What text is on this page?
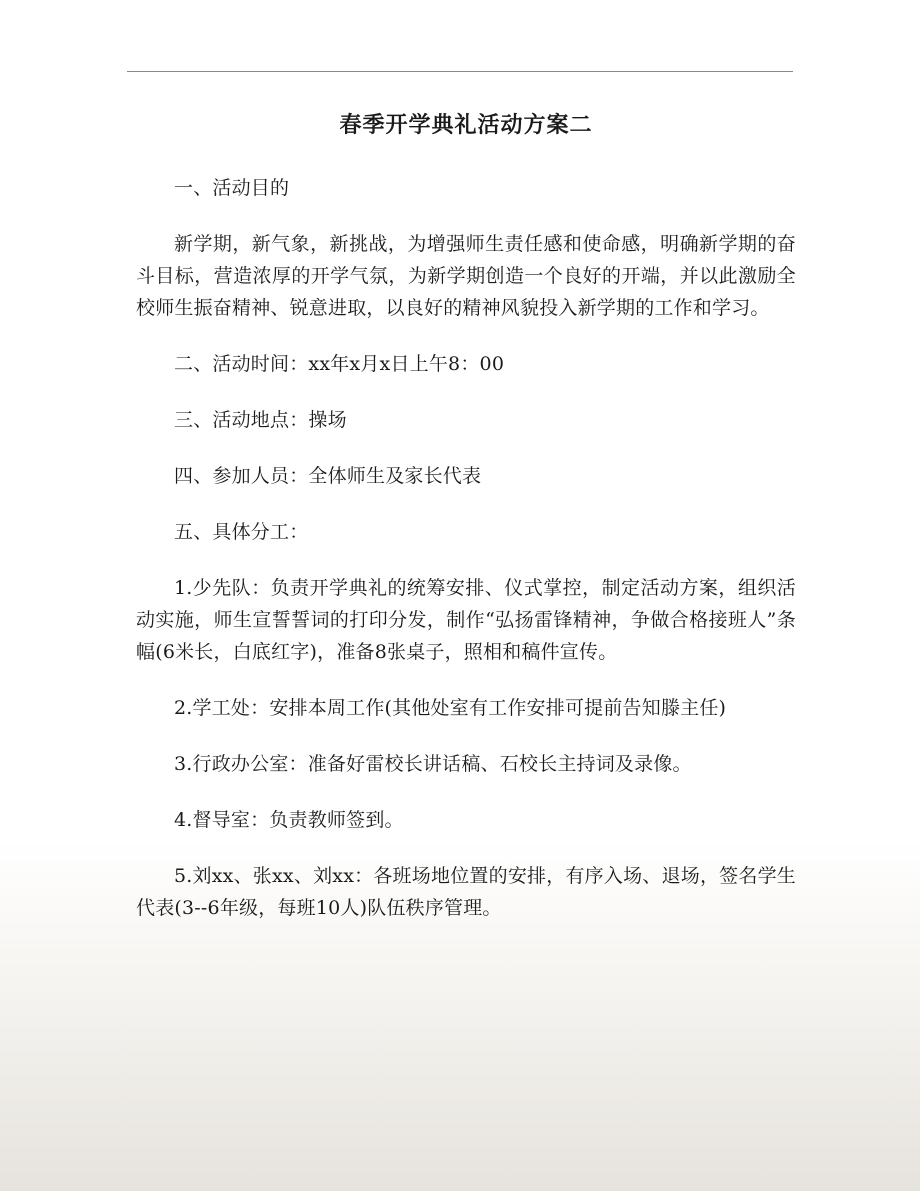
春季开学典礼活动方案二

一、活动目的

新学期，新气象，新挑战，为增强师生责任感和使命感，明确新学期的奋斗目标，营造浓厚的开学气氛，为新学期创造一个良好的开端，并以此激励全校师生振奋精神、锐意进取，以良好的精神风貌投入新学期的工作和学习。

二、活动时间：xx年x月x日上午8：00

三、活动地点：操场

四、参加人员：全体师生及家长代表

五、具体分工：

1.少先队：负责开学典礼的统筹安排、仪式掌控，制定活动方案，组织活动实施，师生宣誓誓词的打印分发，制作“弘扬雷锋精神，争做合格接班人”条幅(6米长，白底红字)，准备8张桌子，照相和稿件宣传。

2.学工处：安排本周工作(其他处室有工作安排可提前告知滕主任)

3.行政办公室：准备好雷校长讲话稿、石校长主持词及录像。

4.督导室：负责教师签到。

5.刘xx、张xx、刘xx：各班场地位置的安排，有序入场、退场，签名学生代表(3--6年级，每班10人)队伍秩序管理。
